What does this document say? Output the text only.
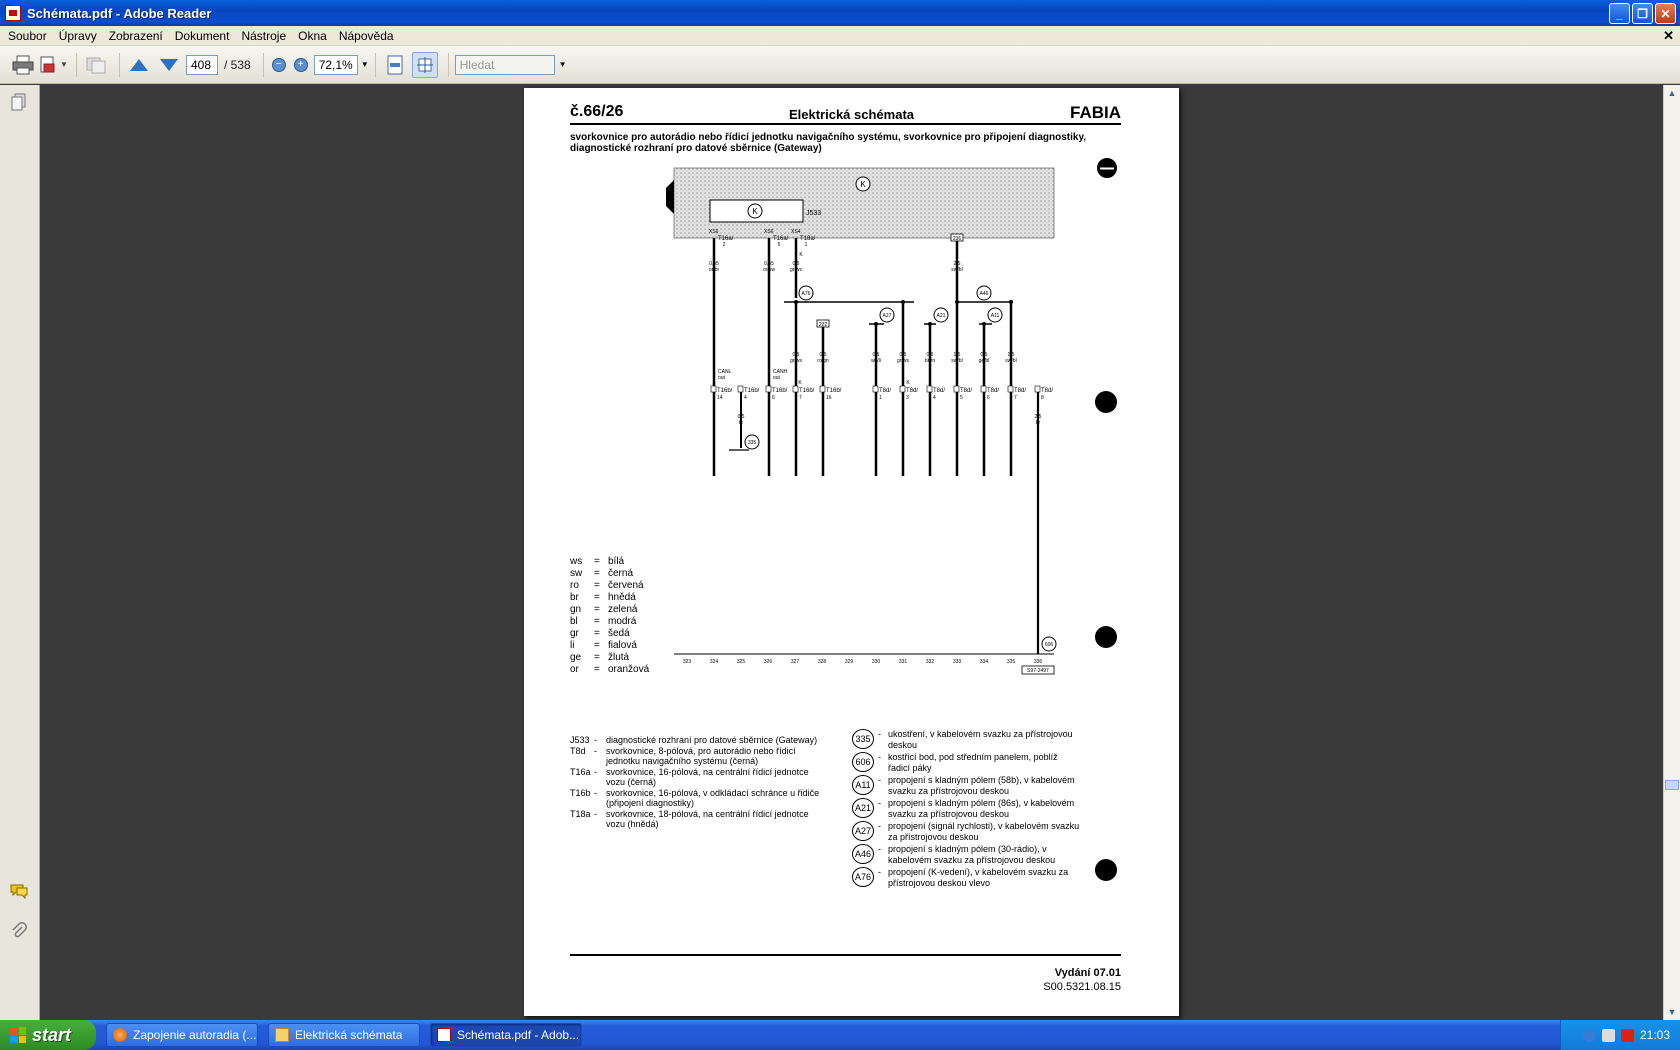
Schémata.pdf - Adobe Reader	_	❐	✕
Soubor	Úpravy	Zobrazení	Dokument	Nástroje	Okna	Nápověda	✕
▼	408	/ 538	−	+	72,1% ▼	Hledat	▼
č.66/26	Elektrická schémata	FABIA
svorkovnice pro autorádio nebo řídicí jednotku navigačního systému, svorkovnice pro připojení diagnostiky, diagnostické rozhraní pro datové sběrnice (Gateway)
K
K	J533
XS6	XS6	XS4
T16a/
2
T16a/
5
T18a/
1
0,35
or/br
0,35
or/sw
K
0,5
gr/ws
236
2,5
sw/bl
A76	A46
0,5
gr/ws
K
222
0,5
ro/gn
A27
0,5
ws/li
0,5
gr/ws
K
A21
0,5
br/ro
1,5
sw/bl
A11
0,5
ge/bl
1,5
sw/bl
CANL
out
CANH
out
T16b/
14
T16b/
4
T16b/
6
T16b/
7
T16b/
16
T8d/
1
T8d/
3
T8d/
4
T8d/
5
T8d/
6
T8d/
7
T8d/
8
0,5
br
335
2,5
br
606
323	324	325	326	327	328	329	330	331	332	333	334	335	336
S97-2497
ws	= bílá
sw	= černá
ro	= červená
br	= hnědá
gn	= zelená
bl	= modrá
gr	= šedá
li	= fialová
ge	= žlutá
or	= oranžová
J533 -	diagnostické rozhraní pro datové sběrnice (Gateway)
T8d -	svorkovnice, 8-pólová, pro autorádio nebo řídicí jednotku navigačního systému (černá)
T16a -	svorkovnice, 16-pólová, na centrální řídicí jednotce vozu (černá)
T16b -	svorkovnice, 16-pólová, v odkládací schránce u řidiče (připojení diagnostiky)
T18a -	svorkovnice, 18-pólová, na centrální řídicí jednotce vozu (hnědá)
335 - ukostření, v kabelovém svazku za přístrojovou deskou
606 - kostřicí bod, pod středním panelem, poblíž řadicí páky
A11 - propojení s kladným pólem (58b), v kabelovém svazku za přístrojovou deskou
A21 - propojení s kladným pólem (86s), v kabelovém svazku za přístrojovou deskou
A27 - propojení (signál rychlosti), v kabelovém svazku za přístrojovou deskou
A46 - propojení s kladným pólem (30-rádio), v kabelovém svazku za přístrojovou deskou
A76 - propojení (K-vedení), v kabelovém svazku za přístrojovou deskou vlevo
Vydání 07.01
S00.5321.08.15
▲
▼
start	Zapojenie autoradia (...	Elektrická schémata	Schémata.pdf - Adob...	21:03
